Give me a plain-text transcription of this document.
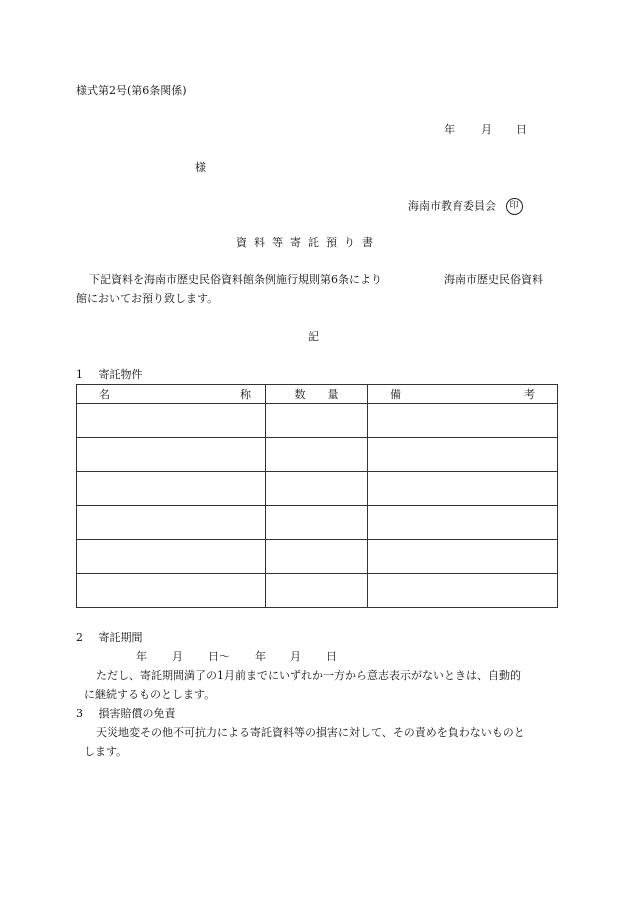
様式第2号(第6条関係)
年 月 日
様
海南市教育委員会 印
資料等寄託預り書
下記資料を海南市歴史民俗資料館条例施行規則第6条により	海南市歴史民俗資料
館においてお預り致します。
記
1 寄託物件
名 称	数 量	備 考

2 寄託期間
年 月 日〜 年 月 日
ただし、寄託期間満了の1月前までにいずれか一方から意志表示がないときは、自動的
に継続するものとします。
3 損害賠償の免責
天災地変その他不可抗力による寄託資料等の損害に対して、その責めを負わないものと
します。
